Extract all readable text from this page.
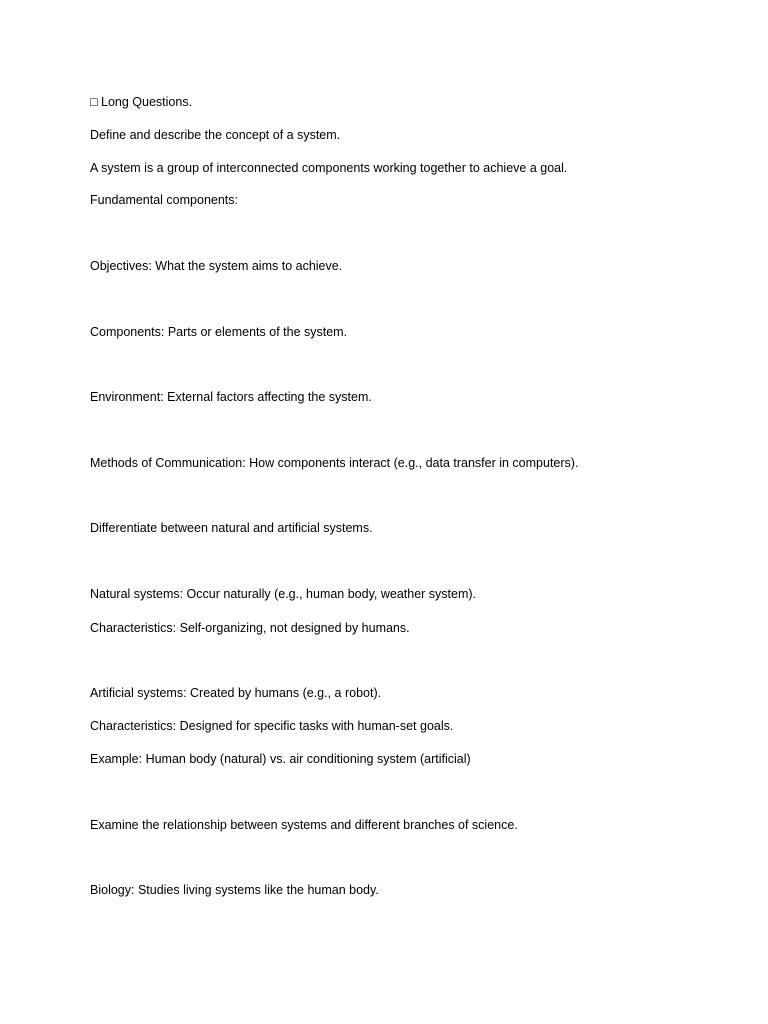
□ Long Questions.

Define and describe the concept of a system.

A system is a group of interconnected components working together to achieve a goal.

Fundamental components:

Objectives: What the system aims to achieve.

Components: Parts or elements of the system.

Environment: External factors affecting the system.

Methods of Communication: How components interact (e.g., data transfer in computers).

Differentiate between natural and artificial systems.

Natural systems: Occur naturally (e.g., human body, weather system).

Characteristics: Self-organizing, not designed by humans.

Artificial systems: Created by humans (e.g., a robot).

Characteristics: Designed for specific tasks with human-set goals.

Example: Human body (natural) vs. air conditioning system (artificial)

Examine the relationship between systems and different branches of science.

Biology: Studies living systems like the human body.
